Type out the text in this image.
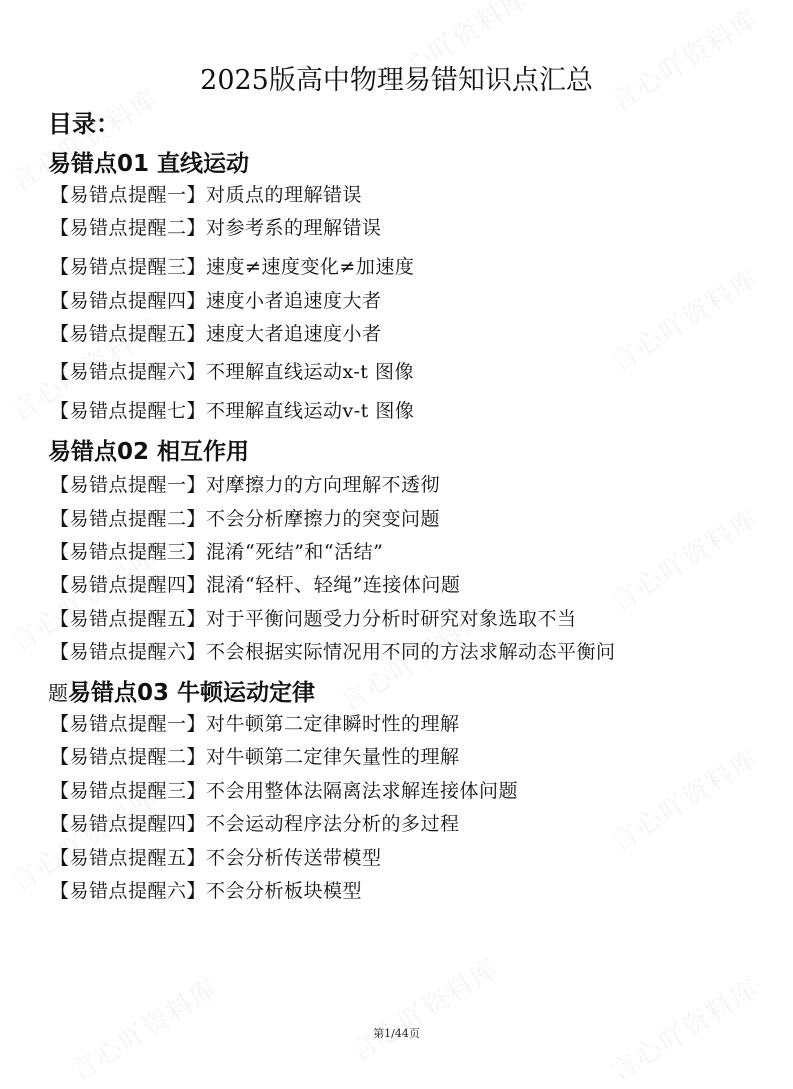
2025版高中物理易错知识点汇总
目录：
易错点01 直线运动
【易错点提醒一】对质点的理解错误
【易错点提醒二】对参考系的理解错误
【易错点提醒三】速度≠速度变化≠加速度
【易错点提醒四】速度小者追速度大者
【易错点提醒五】速度大者追速度小者
【易错点提醒六】不理解直线运动x-t 图像
【易错点提醒七】不理解直线运动v-t 图像
易错点02 相互作用
【易错点提醒一】对摩擦力的方向理解不透彻
【易错点提醒二】不会分析摩擦力的突变问题
【易错点提醒三】混淆“死结”和“活结”
【易错点提醒四】混淆“轻杆、轻绳”连接体问题
【易错点提醒五】对于平衡问题受力分析时研究对象选取不当
【易错点提醒六】不会根据实际情况用不同的方法求解动态平衡问
题易错点03 牛顿运动定律
【易错点提醒一】对牛顿第二定律瞬时性的理解
【易错点提醒二】对牛顿第二定律矢量性的理解
【易错点提醒三】不会用整体法隔离法求解连接体问题
【易错点提醒四】不会运动程序法分析的多过程
【易错点提醒五】不会分析传送带模型
【易错点提醒六】不会分析板块模型
第1/44页
